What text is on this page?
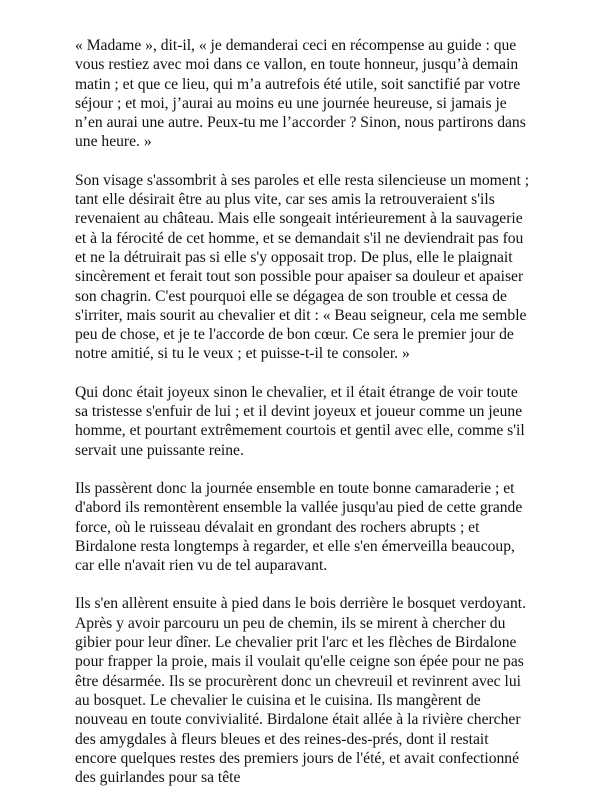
« Madame », dit-il, « je demanderai ceci en récompense au guide : que vous restiez avec moi dans ce vallon, en toute honneur, jusqu’à demain matin ; et que ce lieu, qui m’a autrefois été utile, soit sanctifié par votre séjour ; et moi, j’aurai au moins eu une journée heureuse, si jamais je n’en aurai une autre. Peux-tu me l’accorder ? Sinon, nous partirons dans une heure. »

Son visage s'assombrit à ses paroles et elle resta silencieuse un moment ; tant elle désirait être au plus vite, car ses amis la retrouveraient s'ils revenaient au château. Mais elle songeait intérieurement à la sauvagerie et à la férocité de cet homme, et se demandait s'il ne deviendrait pas fou et ne la détruirait pas si elle s'y opposait trop. De plus, elle le plaignait sincèrement et ferait tout son possible pour apaiser sa douleur et apaiser son chagrin. C'est pourquoi elle se dégagea de son trouble et cessa de s'irriter, mais sourit au chevalier et dit : « Beau seigneur, cela me semble peu de chose, et je te l'accorde de bon cœur. Ce sera le premier jour de notre amitié, si tu le veux ; et puisse-t-il te consoler. »

Qui donc était joyeux sinon le chevalier, et il était étrange de voir toute sa tristesse s'enfuir de lui ; et il devint joyeux et joueur comme un jeune homme, et pourtant extrêmement courtois et gentil avec elle, comme s'il servait une puissante reine.

Ils passèrent donc la journée ensemble en toute bonne camaraderie ; et d'abord ils remontèrent ensemble la vallée jusqu'au pied de cette grande force, où le ruisseau dévalait en grondant des rochers abrupts ; et Birdalone resta longtemps à regarder, et elle s'en émerveilla beaucoup, car elle n'avait rien vu de tel auparavant.

Ils s'en allèrent ensuite à pied dans le bois derrière le bosquet verdoyant. Après y avoir parcouru un peu de chemin, ils se mirent à chercher du gibier pour leur dîner. Le chevalier prit l'arc et les flèches de Birdalone pour frapper la proie, mais il voulait qu'elle ceigne son épée pour ne pas être désarmée. Ils se procurèrent donc un chevreuil et revinrent avec lui au bosquet. Le chevalier le cuisina et le cuisina. Ils mangèrent de nouveau en toute convivialité. Birdalone était allée à la rivière chercher des amygdales à fleurs bleues et des reines-des-prés, dont il restait encore quelques restes des premiers jours de l'été, et avait confectionné des guirlandes pour sa tête
